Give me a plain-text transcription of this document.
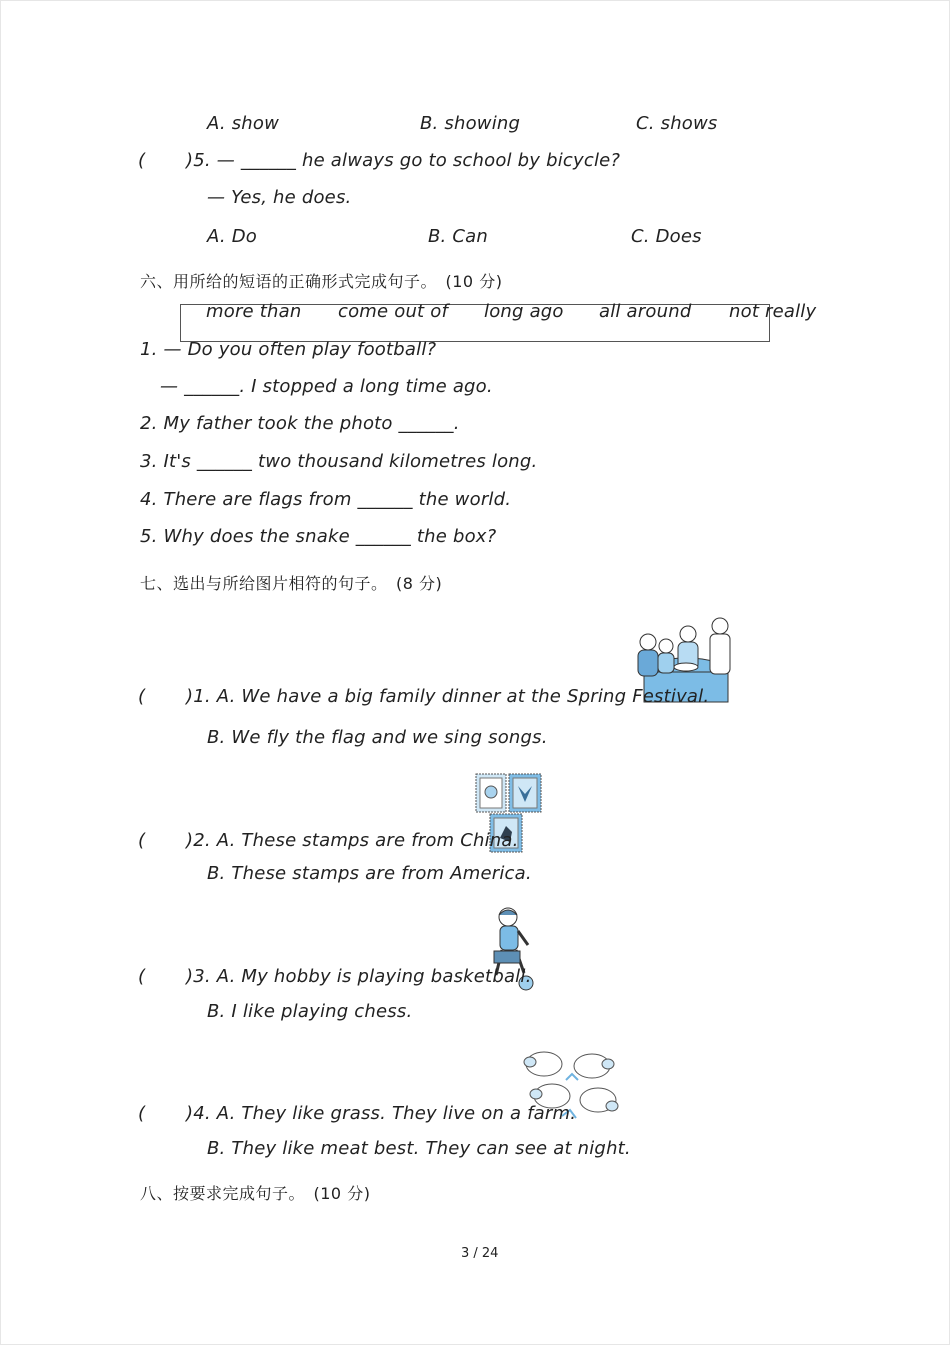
A. show	B. showing	C. shows
( )5. — ______ he always go to school by bicycle?
— Yes, he does.
A. Do	B. Can	C. Does
六、用所给的短语的正确形式完成句子。　(10 分)
more than come out of long ago all around not really
1. — Do you often play football?
— ______. I stopped a long time ago.
2. My father took the photo ______.
3. It's ______ two thousand kilometres long.
4. There are flags from ______ the world.
5. Why does the snake ______ the box?
七、选出与所给图片相符的句子。　(8 分)
( )1. A. We have a big family dinner at the Spring Festival.
B. We fly the flag and we sing songs.
( )2. A. These stamps are from China.
B. These stamps are from America.
( )3. A. My hobby is playing basketball.
B. I like playing chess.
( )4. A. They like grass. They live on a farm.
B. They like meat best. They can see at night.
八、按要求完成句子。　(10 分)
3 / 24
